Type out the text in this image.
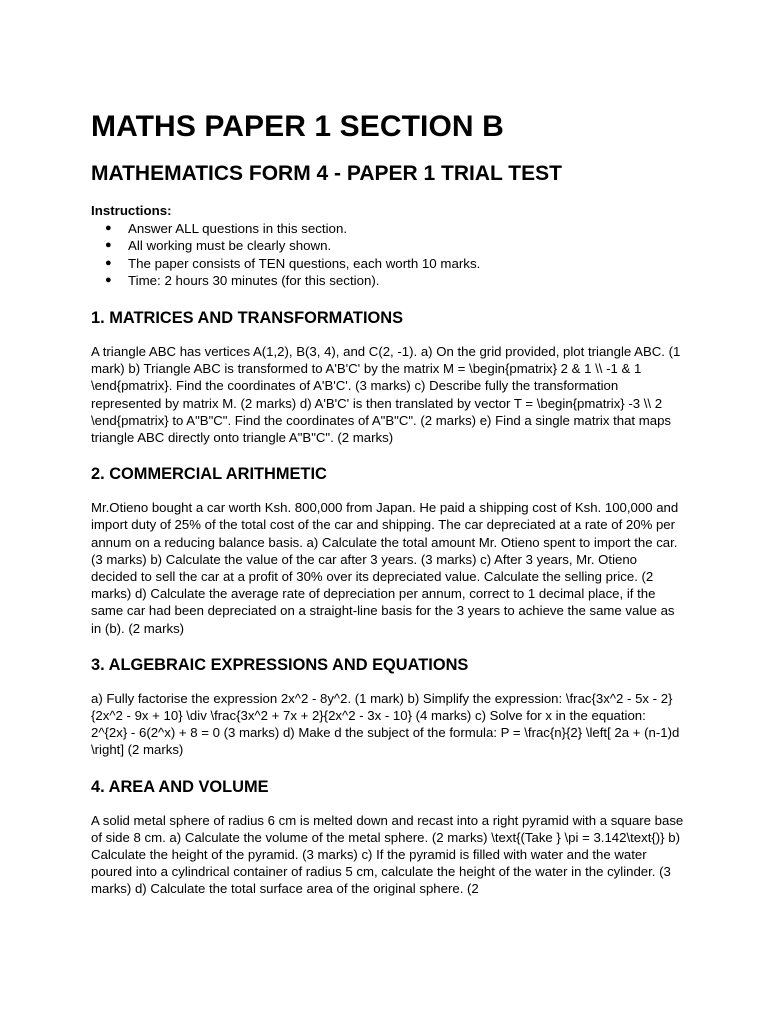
MATHS PAPER 1 SECTION B
MATHEMATICS FORM 4 - PAPER 1 TRIAL TEST
Instructions:
● Answer ALL questions in this section.
● All working must be clearly shown.
● The paper consists of TEN questions, each worth 10 marks.
● Time: 2 hours 30 minutes (for this section).
1. MATRICES AND TRANSFORMATIONS

A triangle ABC has vertices A(1,2), B(3, 4), and C(2, -1). a) On the grid provided, plot triangle ABC. (1 mark) b) Triangle ABC is transformed to A'B'C' by the matrix M = \begin{pmatrix} 2 & 1 \\ -1 & 1 \end{pmatrix}. Find the coordinates of A'B'C'. (3 marks) c) Describe fully the transformation represented by matrix M. (2 marks) d) A'B'C' is then translated by vector T = \begin{pmatrix} -3 \\ 2 \end{pmatrix} to A"B"C". Find the coordinates of A"B"C". (2 marks) e) Find a single matrix that maps triangle ABC directly onto triangle A"B"C". (2 marks)

2. COMMERCIAL ARITHMETIC

Mr.Otieno bought a car worth Ksh. 800,000 from Japan. He paid a shipping cost of Ksh. 100,000 and import duty of 25% of the total cost of the car and shipping. The car depreciated at a rate of 20% per annum on a reducing balance basis. a) Calculate the total amount Mr. Otieno spent to import the car. (3 marks) b) Calculate the value of the car after 3 years. (3 marks) c) After 3 years, Mr. Otieno decided to sell the car at a profit of 30% over its depreciated value. Calculate the selling price. (2 marks) d) Calculate the average rate of depreciation per annum, correct to 1 decimal place, if the same car had been depreciated on a straight-line basis for the 3 years to achieve the same value as in (b). (2 marks)

3. ALGEBRAIC EXPRESSIONS AND EQUATIONS

a) Fully factorise the expression 2x^2 - 8y^2. (1 mark) b) Simplify the expression: \frac{3x^2 - 5x - 2}{2x^2 - 9x + 10} \div \frac{3x^2 + 7x + 2}{2x^2 - 3x - 10} (4 marks) c) Solve for x in the equation: 2^{2x} - 6(2^x) + 8 = 0 (3 marks) d) Make d the subject of the formula: P = \frac{n}{2} \left[ 2a + (n-1)d \right] (2 marks)

4. AREA AND VOLUME

A solid metal sphere of radius 6 cm is melted down and recast into a right pyramid with a square base of side 8 cm. a) Calculate the volume of the metal sphere. (2 marks) \text{(Take } \pi = 3.142\text{)} b) Calculate the height of the pyramid. (3 marks) c) If the pyramid is filled with water and the water poured into a cylindrical container of radius 5 cm, calculate the height of the water in the cylinder. (3 marks) d) Calculate the total surface area of the original sphere. (2
